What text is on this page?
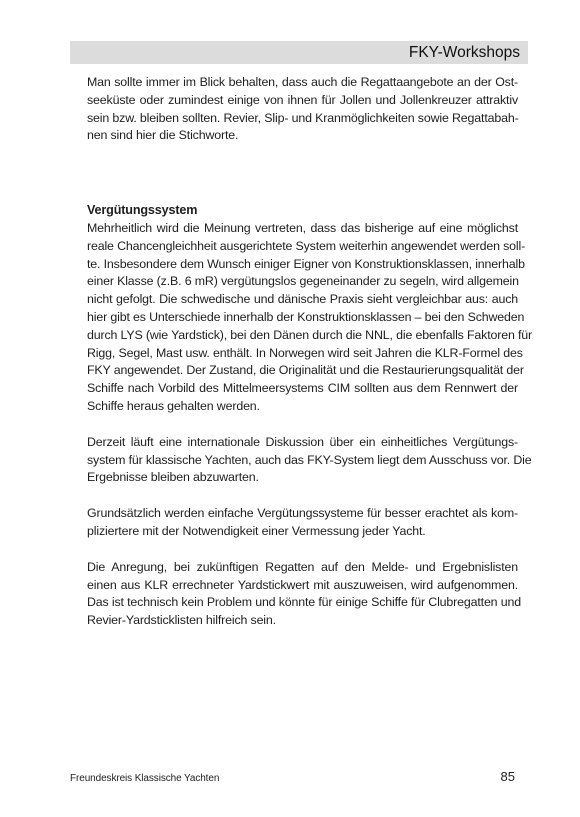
FKY-Workshops

Man sollte immer im Blick behalten, dass auch die Regattaangebote an der Ost-
seeküste oder zumindest einige von ihnen für Jollen und Jollenkreuzer attraktiv
sein bzw. bleiben sollten. Revier, Slip- und Kranmöglichkeiten sowie Regattabah-
nen sind hier die Stichworte.

Vergütungssystem

Mehrheitlich wird die Meinung vertreten, dass das bisherige auf eine möglichst
reale Chancengleichheit ausgerichtete System weiterhin angewendet werden soll-
te. Insbesondere dem Wunsch einiger Eigner von Konstruktionsklassen, innerhalb
einer Klasse (z.B. 6 mR) vergütungslos gegeneinander zu segeln, wird allgemein
nicht gefolgt. Die schwedische und dänische Praxis sieht vergleichbar aus: auch
hier gibt es Unterschiede innerhalb der Konstruktionsklassen – bei den Schweden
durch LYS (wie Yardstick), bei den Dänen durch die NNL, die ebenfalls Faktoren für
Rigg, Segel, Mast usw. enthält. In Norwegen wird seit Jahren die KLR-Formel des
FKY angewendet. Der Zustand, die Originalität und die Restaurierungsqualität der
Schiffe nach Vorbild des Mittelmeersystems CIM sollten aus dem Rennwert der
Schiffe heraus gehalten werden.

Derzeit läuft eine internationale Diskussion über ein einheitliches Vergütungs-
system für klassische Yachten, auch das FKY-System liegt dem Ausschuss vor. Die
Ergebnisse bleiben abzuwarten.

Grundsätzlich werden einfache Vergütungssysteme für besser erachtet als kom-
pliziertere mit der Notwendigkeit einer Vermessung jeder Yacht.

Die Anregung, bei zukünftigen Regatten auf den Melde- und Ergebnislisten
einen aus KLR errechneter Yardstickwert mit auszuweisen, wird aufgenommen.
Das ist technisch kein Problem und könnte für einige Schiffe für Clubregatten und
Revier-Yardsticklisten hilfreich sein.

Freundeskreis Klassische Yachten	85
